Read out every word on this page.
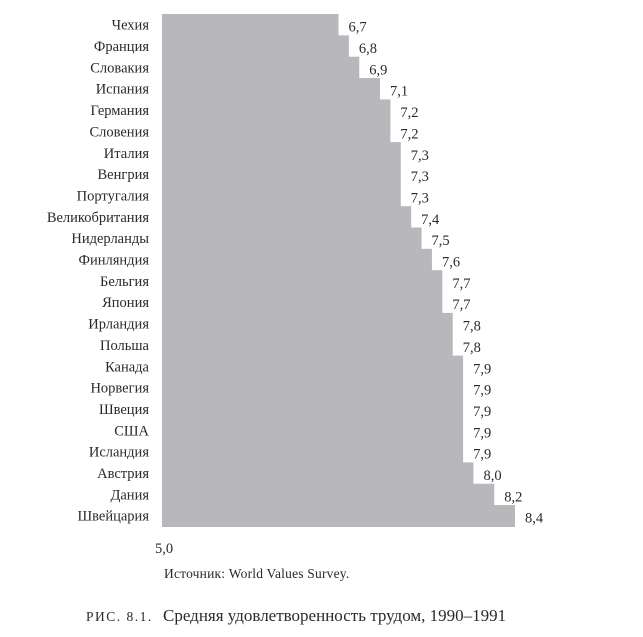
Чехия
Франция
Словакия
Испания
Германия
Словения
Италия
Венгрия
Португалия
Великобритания
Нидерланды
Финляндия
Бельгия
Япония
Ирландия
Польша
Канада
Норвегия
Швеция
США
Исландия
Австрия
Дания
Швейцария
6,7
6,8
6,9
7,1
7,2
7,2
7,3
7,3
7,3
7,4
7,5
7,6
7,7
7,7
7,8
7,8
7,9
7,9
7,9
7,9
7,9
8,0
8,2
8,4
5,0
Источник: World Values Survey.
РИС. 8.1. Средняя удовлетворенность трудом, 1990–1991
